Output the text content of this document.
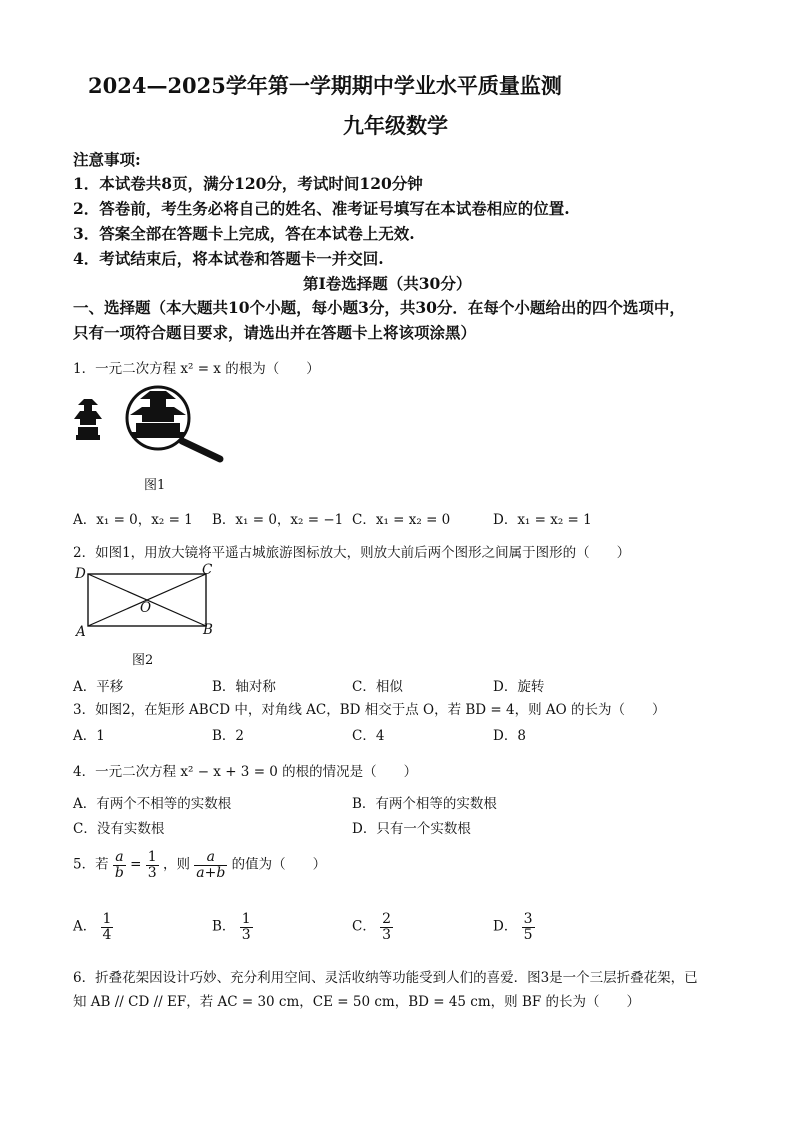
2024—2025学年第一学期期中学业水平质量监测
九年级数学
注意事项:
1．本试卷共8页，满分120分，考试时间120分钟
2．答卷前，考生务必将自己的姓名、准考证号填写在本试卷相应的位置.
3．答案全部在答题卡上完成，答在本试卷上无效.
4．考试结束后，将本试卷和答题卡一并交回.
第Ⅰ卷选择题（共30分）
一、选择题（本大题共10个小题，每小题3分，共30分．在每个小题给出的四个选项中，
只有一项符合题目要求，请选出并在答题卡上将该项涂黑）
1．一元二次方程 x² = x 的根为（　　）
图1
A．x₁ = 0，x₂ = 1 B．x₁ = 0，x₂ = −1 C．x₁ = x₂ = 0	D．x₁ = x₂ = 1
2．如图1，用放大镜将平遥古城旅游图标放大，则放大前后两个图形之间属于图形的（　　）
D	C
O
A	B
图2
A．平移	B．轴对称	C．相似	D．旋转
3．如图2，在矩形 ABCD 中，对角线 AC，BD 相交于点 O，若 BD = 4，则 AO 的长为（　　）
A．1	B．2	C．4	D．8
4．一元二次方程 x² − x + 3 = 0 的根的情况是（　　）
A．有两个不相等的实数根	B．有两个相等的实数根
C．没有实数根	D．只有一个实数根
5．若 $\frac{a}{b} = \frac{1}{3}$ ，则 $\frac{a}{a+b}$ 的值为（　　）
A． $\frac{1}{4}$	B． $\frac{1}{3}$	C． $\frac{2}{3}$	D． $\frac{3}{5}$
6．折叠花架因设计巧妙、充分利用空间、灵活收纳等功能受到人们的喜爱．图3是一个三层折叠花架，已
知 AB // CD // EF，若 AC = 30 cm，CE = 50 cm，BD = 45 cm，则 BF 的长为（　　）
